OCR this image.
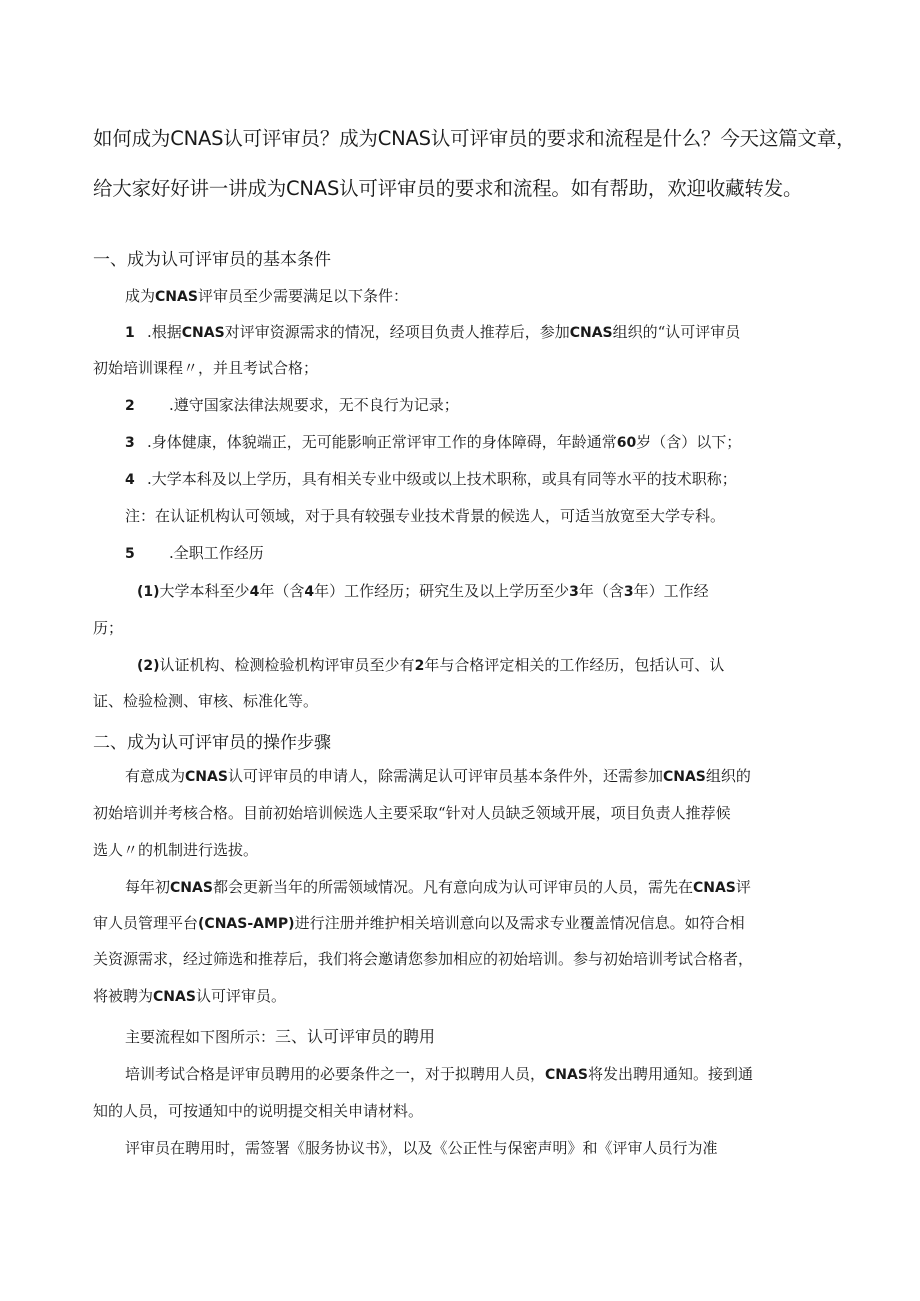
如何成为CNAS认可评审员？成为CNAS认可评审员的要求和流程是什么？今天这篇文章，
给大家好好讲一讲成为CNAS认可评审员的要求和流程。如有帮助，欢迎收藏转发。
一、成为认可评审员的基本条件
成为CNAS评审员至少需要满足以下条件：
1 .根据CNAS对评审资源需求的情况，经项目负责人推荐后，参加CNAS组织的“认可评审员
初始培训课程〃，并且考试合格；
2 .遵守国家法律法规要求，无不良行为记录；
3 .身体健康，体貌端正，无可能影响正常评审工作的身体障碍，年龄通常60岁（含）以下；
4 .大学本科及以上学历，具有相关专业中级或以上技术职称，或具有同等水平的技术职称；
注：在认证机构认可领域，对于具有较强专业技术背景的候选人，可适当放宽至大学专科。
5 .全职工作经历
(1)大学本科至少4年（含4年）工作经历；研究生及以上学历至少3年（含3年）工作经
历；
(2)认证机构、检测检验机构评审员至少有2年与合格评定相关的工作经历，包括认可、认
证、检验检测、审核、标准化等。
二、成为认可评审员的操作步骤
有意成为CNAS认可评审员的申请人，除需满足认可评审员基本条件外，还需参加CNAS组织的
初始培训并考核合格。目前初始培训候选人主要采取“针对人员缺乏领域开展，项目负责人推荐候
选人〃的机制进行选拔。
每年初CNAS都会更新当年的所需领域情况。凡有意向成为认可评审员的人员，需先在CNAS评
审人员管理平台(CNAS-AMP)进行注册并维护相关培训意向以及需求专业覆盖情况信息。如符合相
关资源需求，经过筛选和推荐后，我们将会邀请您参加相应的初始培训。参与初始培训考试合格者，
将被聘为CNAS认可评审员。
主要流程如下图所示：三、认可评审员的聘用
培训考试合格是评审员聘用的必要条件之一，对于拟聘用人员，CNAS将发出聘用通知。接到通
知的人员，可按通知中的说明提交相关申请材料。
评审员在聘用时，需签署《服务协议书》，以及《公正性与保密声明》和《评审人员行为准
